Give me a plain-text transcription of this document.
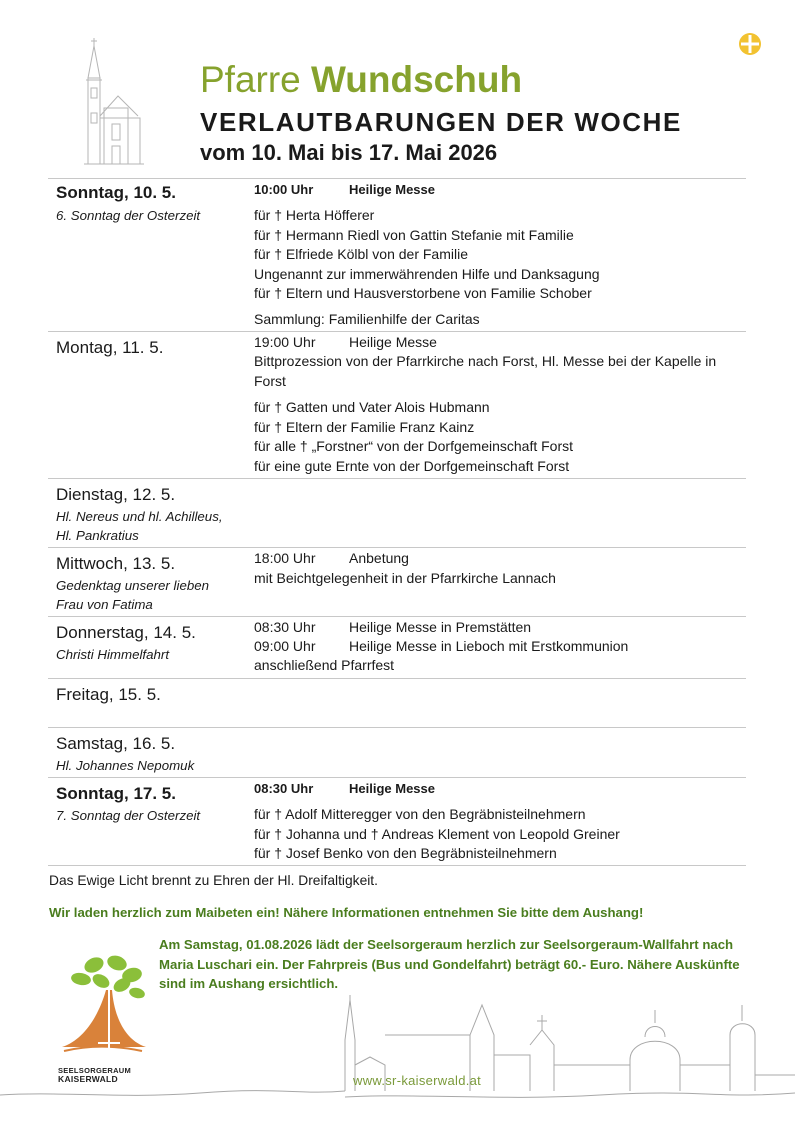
Pfarre Wundschuh
VERLAUTBARUNGEN DER WOCHE
vom 10. Mai bis 17. Mai 2026
Sonntag, 10. 5.
6. Sonntag der Osterzeit
10:00 Uhr	Heilige Messe
für † Herta Höfferer
für † Hermann Riedl von Gattin Stefanie mit Familie
für † Elfriede Kölbl von der Familie
Ungenannt zur immerwährenden Hilfe und Danksagung
für † Eltern und Hausverstorbene von Familie Schober
Sammlung: Familienhilfe der Caritas
Montag, 11. 5.	19:00 Uhr Heilige Messe
Bittprozession von der Pfarrkirche nach Forst, Hl. Messe bei der Kapelle in Forst
für † Gatten und Vater Alois Hubmann
für † Eltern der Familie Franz Kainz
für alle † „Forstner“ von der Dorfgemeinschaft Forst
für eine gute Ernte von der Dorfgemeinschaft Forst
Dienstag, 12. 5.
Hl. Nereus und hl. Achilleus, Hl. Pankratius
Mittwoch, 13. 5.
Gedenktag unserer lieben Frau von Fatima
18:00 Uhr Anbetung
mit Beichtgelegenheit in der Pfarrkirche Lannach
Donnerstag, 14. 5.
Christi Himmelfahrt
08:30 Uhr Heilige Messe in Premstätten
09:00 Uhr Heilige Messe in Lieboch mit Erstkommunion
anschließend Pfarrfest
Freitag, 15. 5.
Samstag, 16. 5.
Hl. Johannes Nepomuk
Sonntag, 17. 5.
7. Sonntag der Osterzeit
08:30 Uhr	Heilige Messe
für † Adolf Mitteregger von den Begräbnisteilnehmern
für † Johanna und † Andreas Klement von Leopold Greiner
für † Josef Benko von den Begräbnisteilnehmern
Das Ewige Licht brennt zu Ehren der Hl. Dreifaltigkeit.
Wir laden herzlich zum Maibeten ein! Nähere Informationen entnehmen Sie bitte dem Aushang!
Am Samstag, 01.08.2026 lädt der Seelsorgeraum herzlich zur Seelsorgeraum-Wallfahrt nach Maria Luschari ein. Der Fahrpreis (Bus und Gondelfahrt) beträgt 60.- Euro. Nähere Auskünfte sind im Aushang ersichtlich.
SEELSORGERAUM
KAISERWALD	www.sr-kaiserwald.at
